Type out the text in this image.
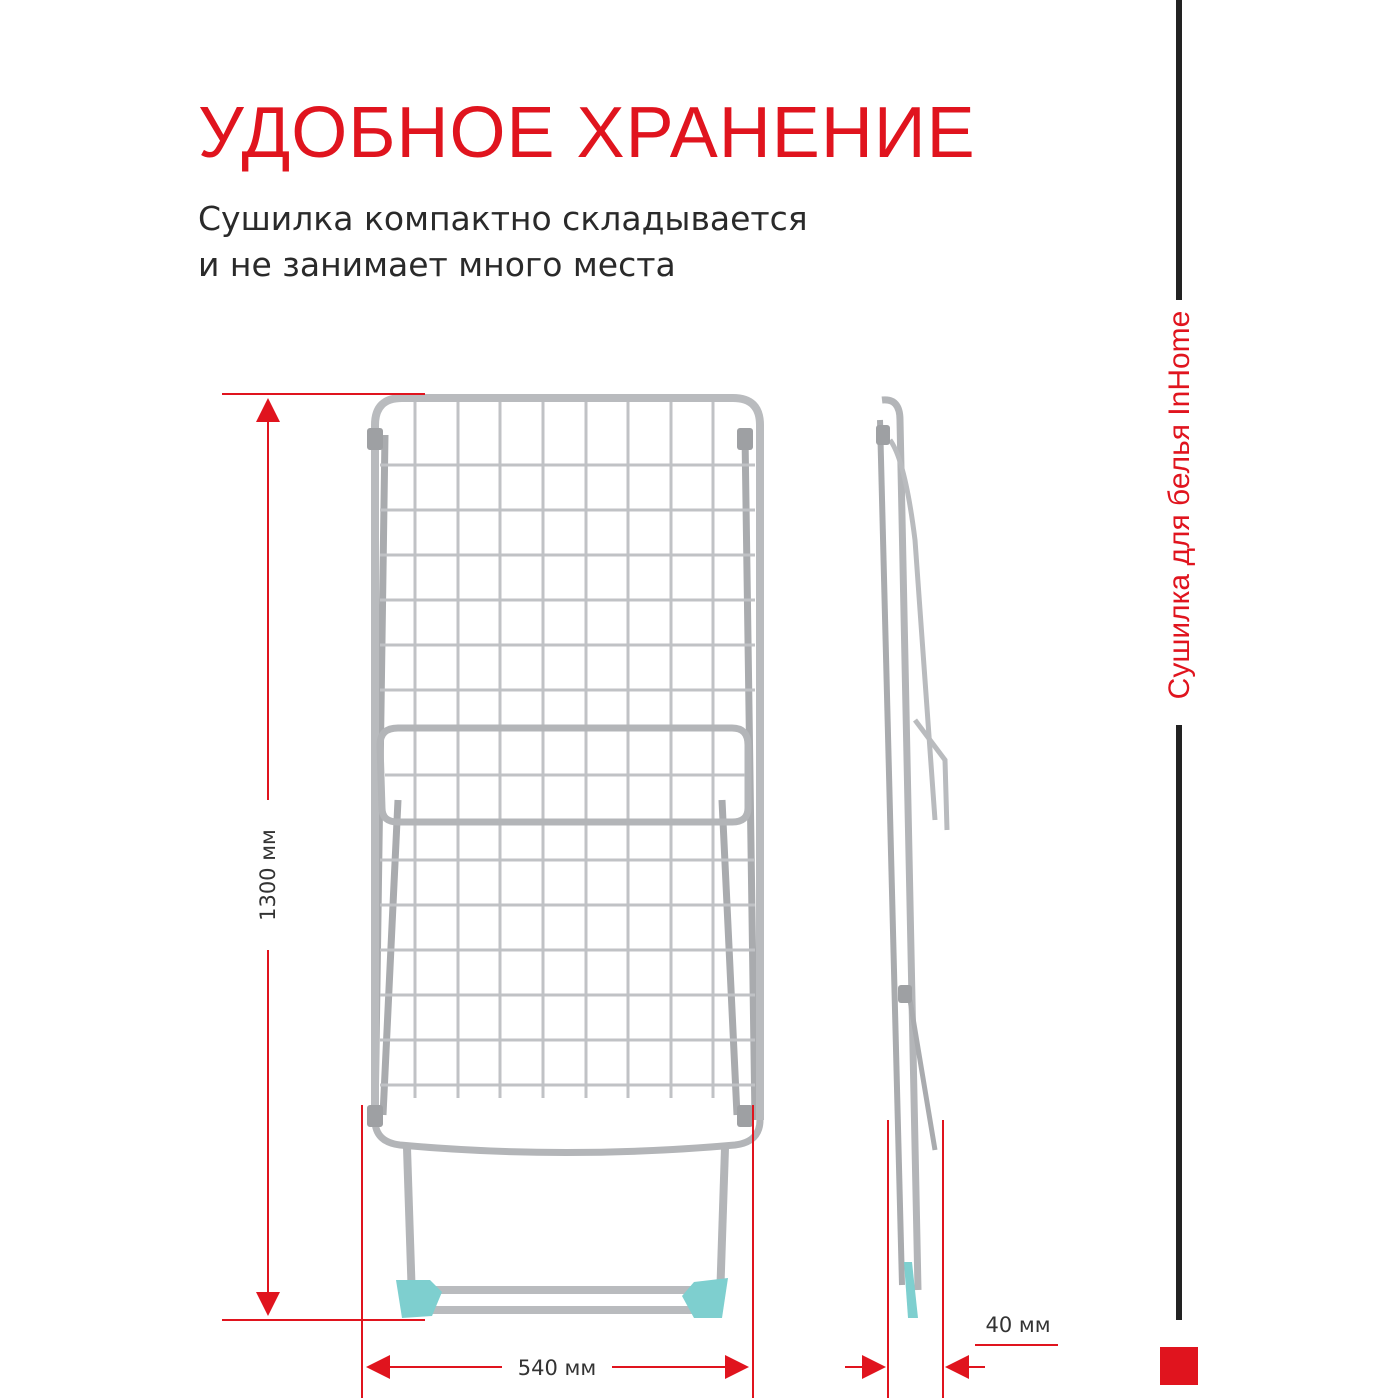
УДОБНОЕ ХРАНЕНИЕ
Сушилка компактно складывается
и не занимает много места
Сушилка для белья InHome
1300 мм
540 мм
40 мм
